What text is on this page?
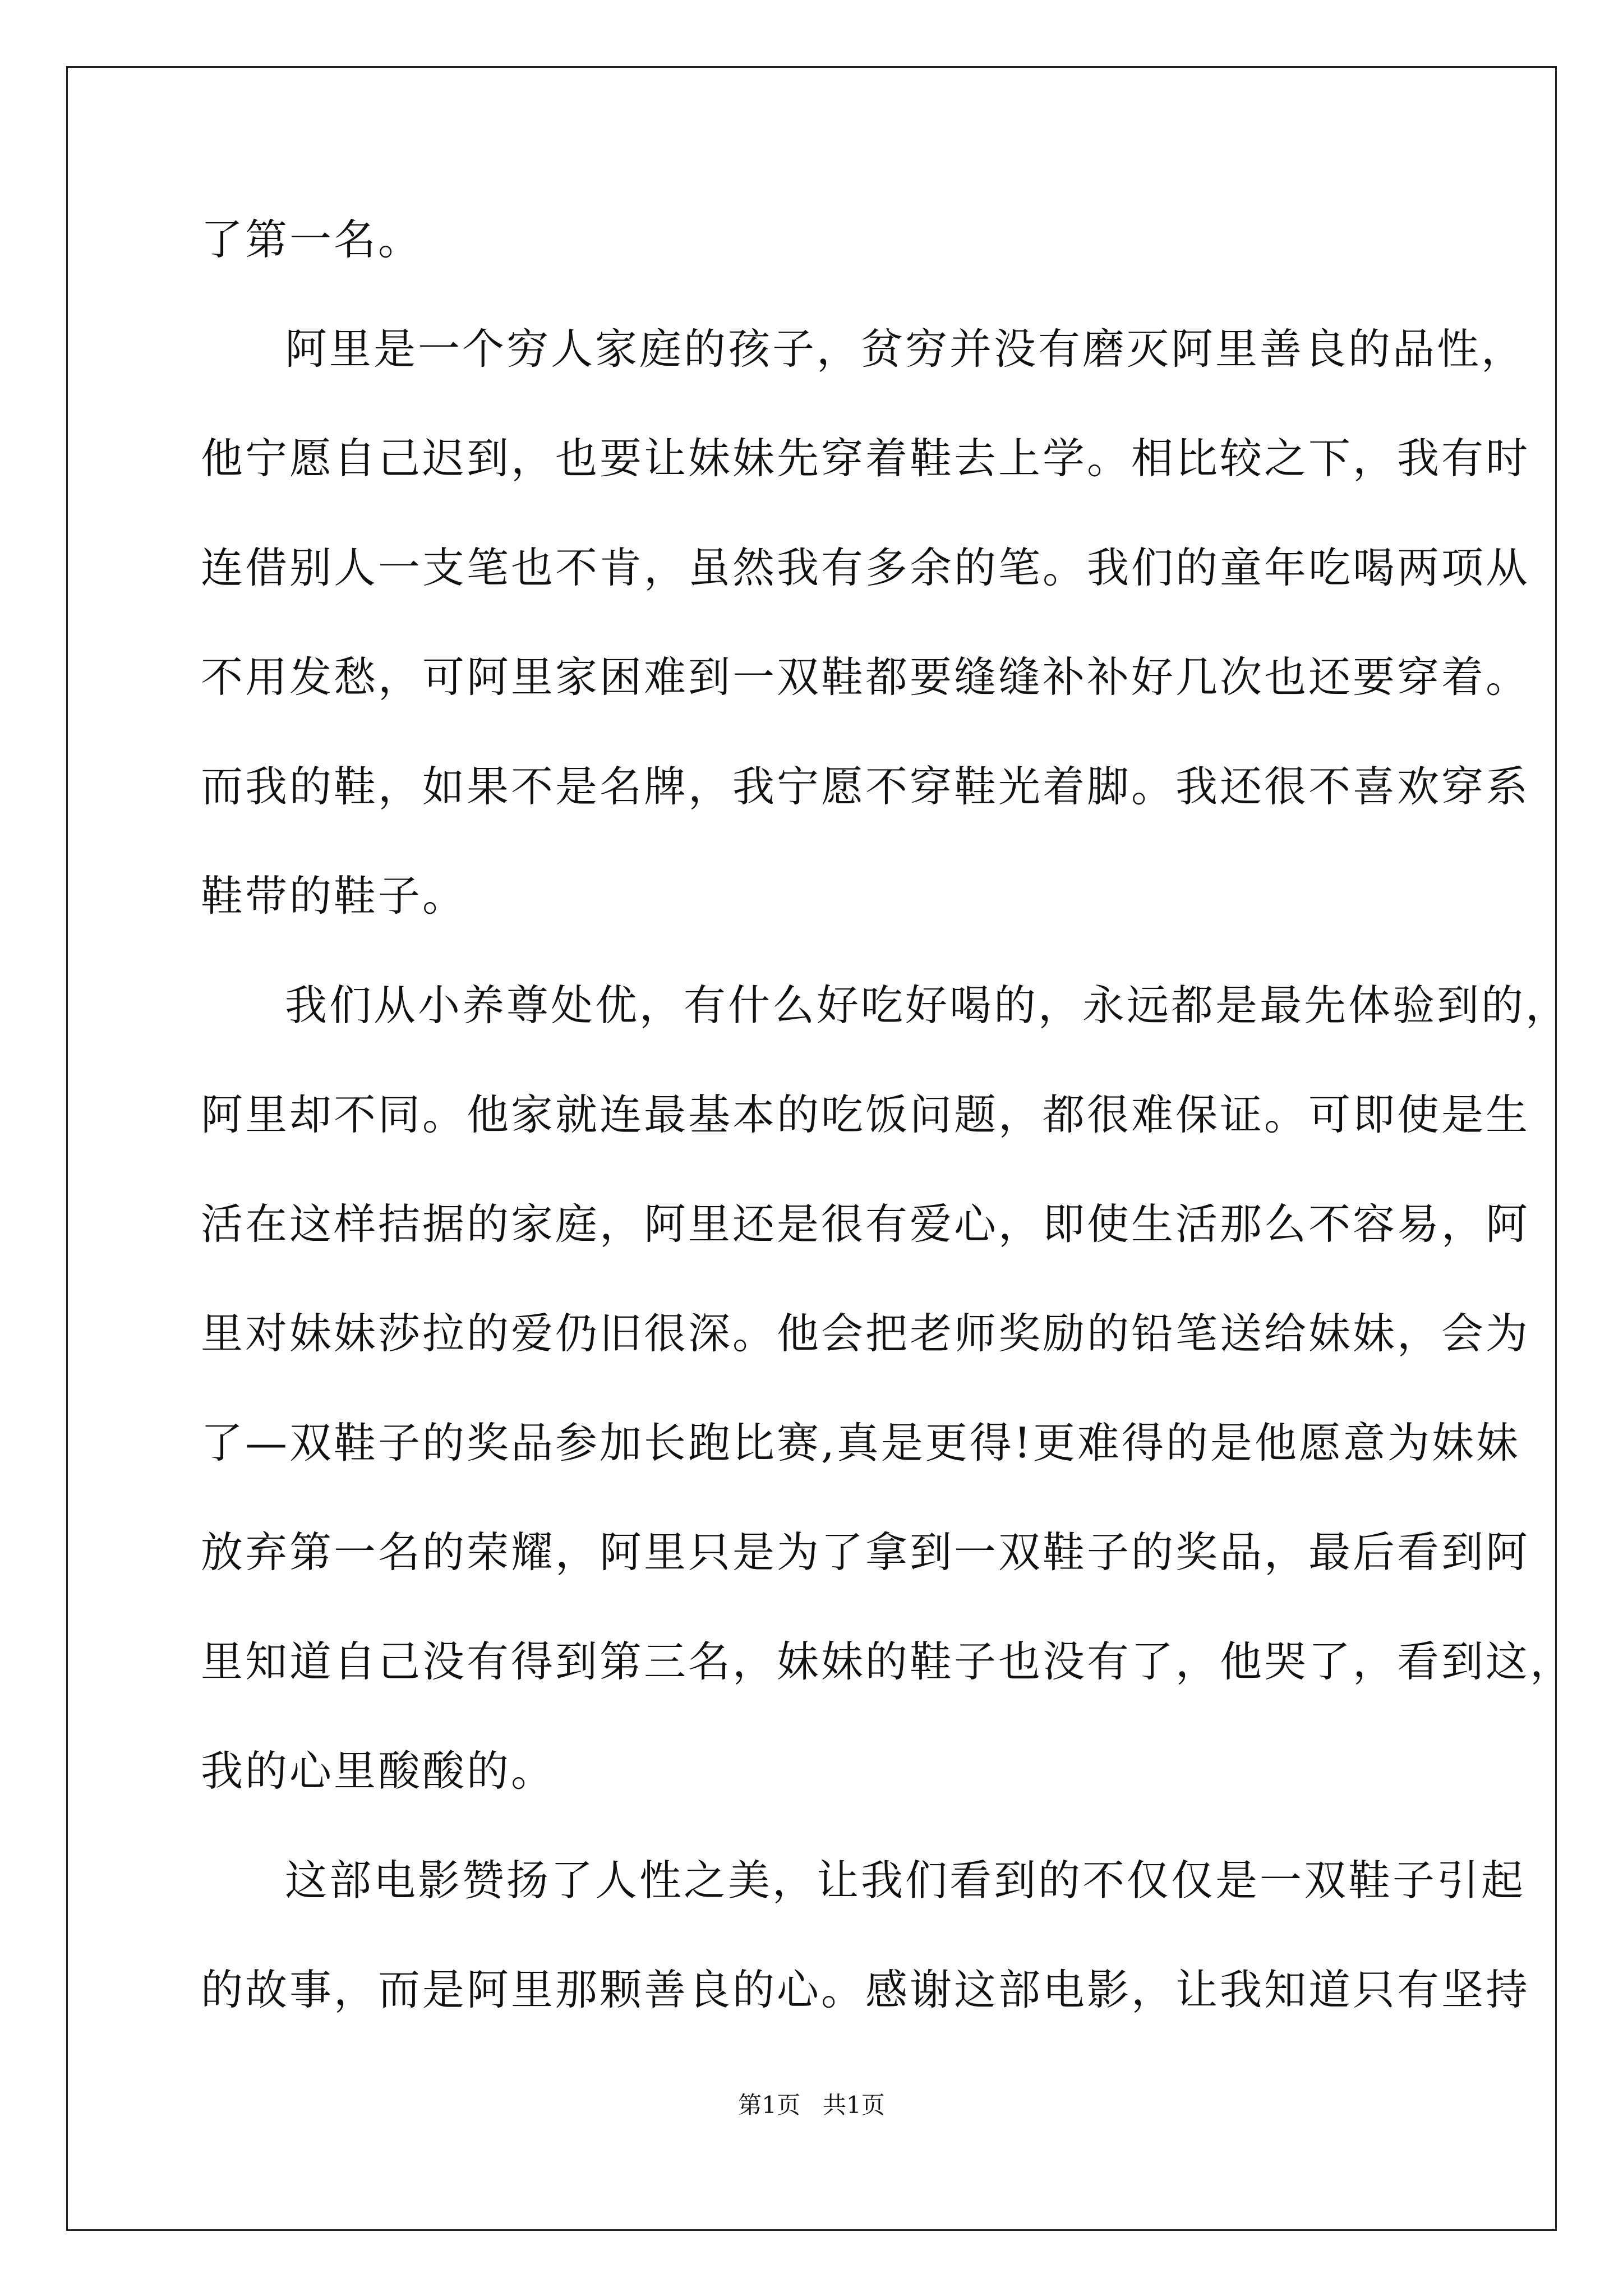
了第一名。
阿里是一个穷人家庭的孩子，贫穷并没有磨灭阿里善良的品性，
他宁愿自己迟到，也要让妹妹先穿着鞋去上学。相比较之下，我有时
连借别人一支笔也不肯，虽然我有多余的笔。我们的童年吃喝两项从
不用发愁，可阿里家困难到一双鞋都要缝缝补补好几次也还要穿着。
而我的鞋，如果不是名牌，我宁愿不穿鞋光着脚。我还很不喜欢穿系
鞋带的鞋子。
我们从小养尊处优，有什么好吃好喝的，永远都是最先体验到的，
阿里却不同。他家就连最基本的吃饭问题，都很难保证。可即使是生
活在这样拮据的家庭，阿里还是很有爱心，即使生活那么不容易，阿
里对妹妹莎拉的爱仍旧很深。他会把老师奖励的铅笔送给妹妹，会为
了—双鞋子的奖品参加长跑比赛,真是更得!更难得的是他愿意为妹妹
放弃第一名的荣耀，阿里只是为了拿到一双鞋子的奖品，最后看到阿
里知道自己没有得到第三名，妹妹的鞋子也没有了，他哭了，看到这，
我的心里酸酸的。
这部电影赞扬了人性之美，让我们看到的不仅仅是一双鞋子引起
的故事，而是阿里那颗善良的心。感谢这部电影，让我知道只有坚持
第1页   共1页
